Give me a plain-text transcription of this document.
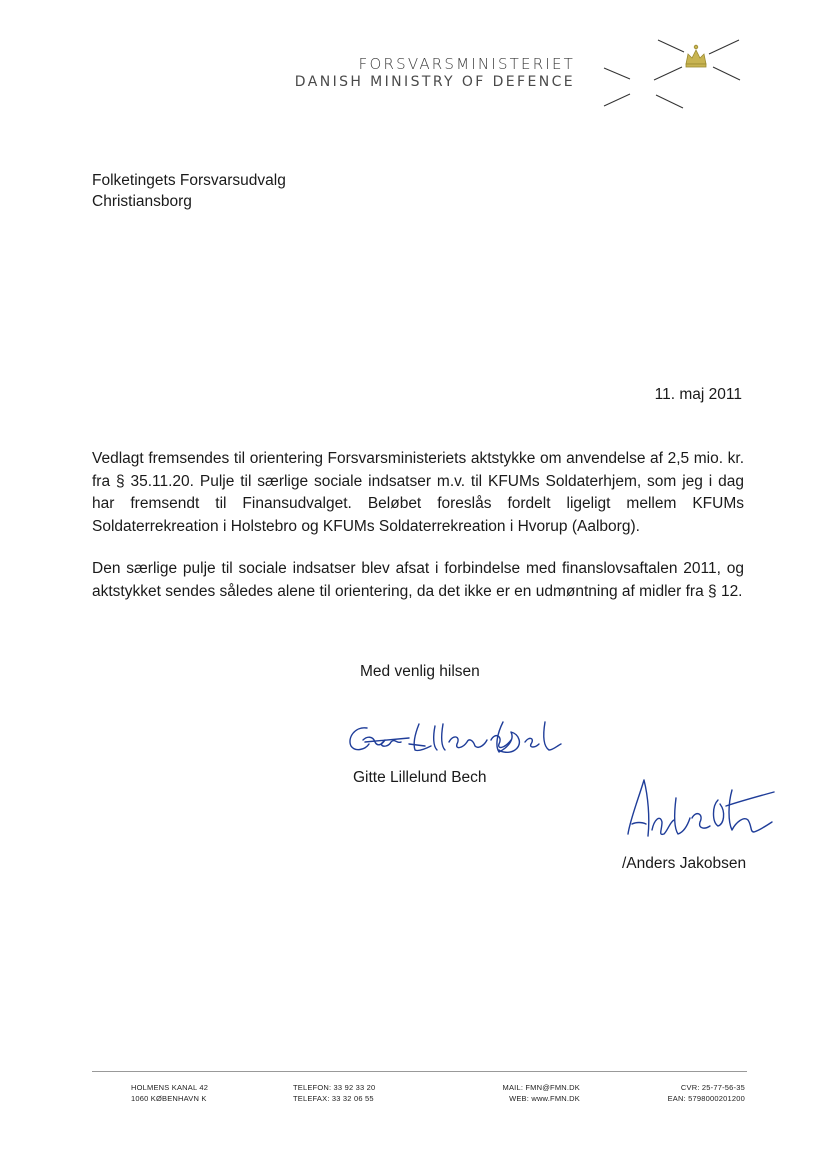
FORSVARSMINISTERIET
DANISH MINISTRY OF DEFENCE
Folketingets Forsvarsudvalg
Christiansborg
11. maj 2011

Vedlagt fremsendes til orientering Forsvarsministeriets aktstykke om anvendelse af 2,5 mio. kr. fra § 35.11.20. Pulje til særlige sociale indsatser m.v. til KFUMs Soldaterhjem, som jeg i dag har fremsendt til Finansudvalget. Beløbet foreslås fordelt ligeligt mellem KFUMs Soldaterrekreation i Holstebro og KFUMs Soldaterrekreation i Hvorup (Aalborg).

Den særlige pulje til sociale indsatser blev afsat i forbindelse med finanslovsaftalen 2011, og aktstykket sendes således alene til orientering, da det ikke er en udmøntning af midler fra § 12.

Med venlig hilsen
Gitte Lillelund Bech
/Anders Jakobsen
HOLMENS KANAL 42
1060 KØBENHAVN K
TELEFON: 33 92 33 20
TELEFAX: 33 32 06 55
MAIL: FMN@FMN.DK
WEB: www.FMN.DK
CVR: 25-77-56-35
EAN: 5798000201200
